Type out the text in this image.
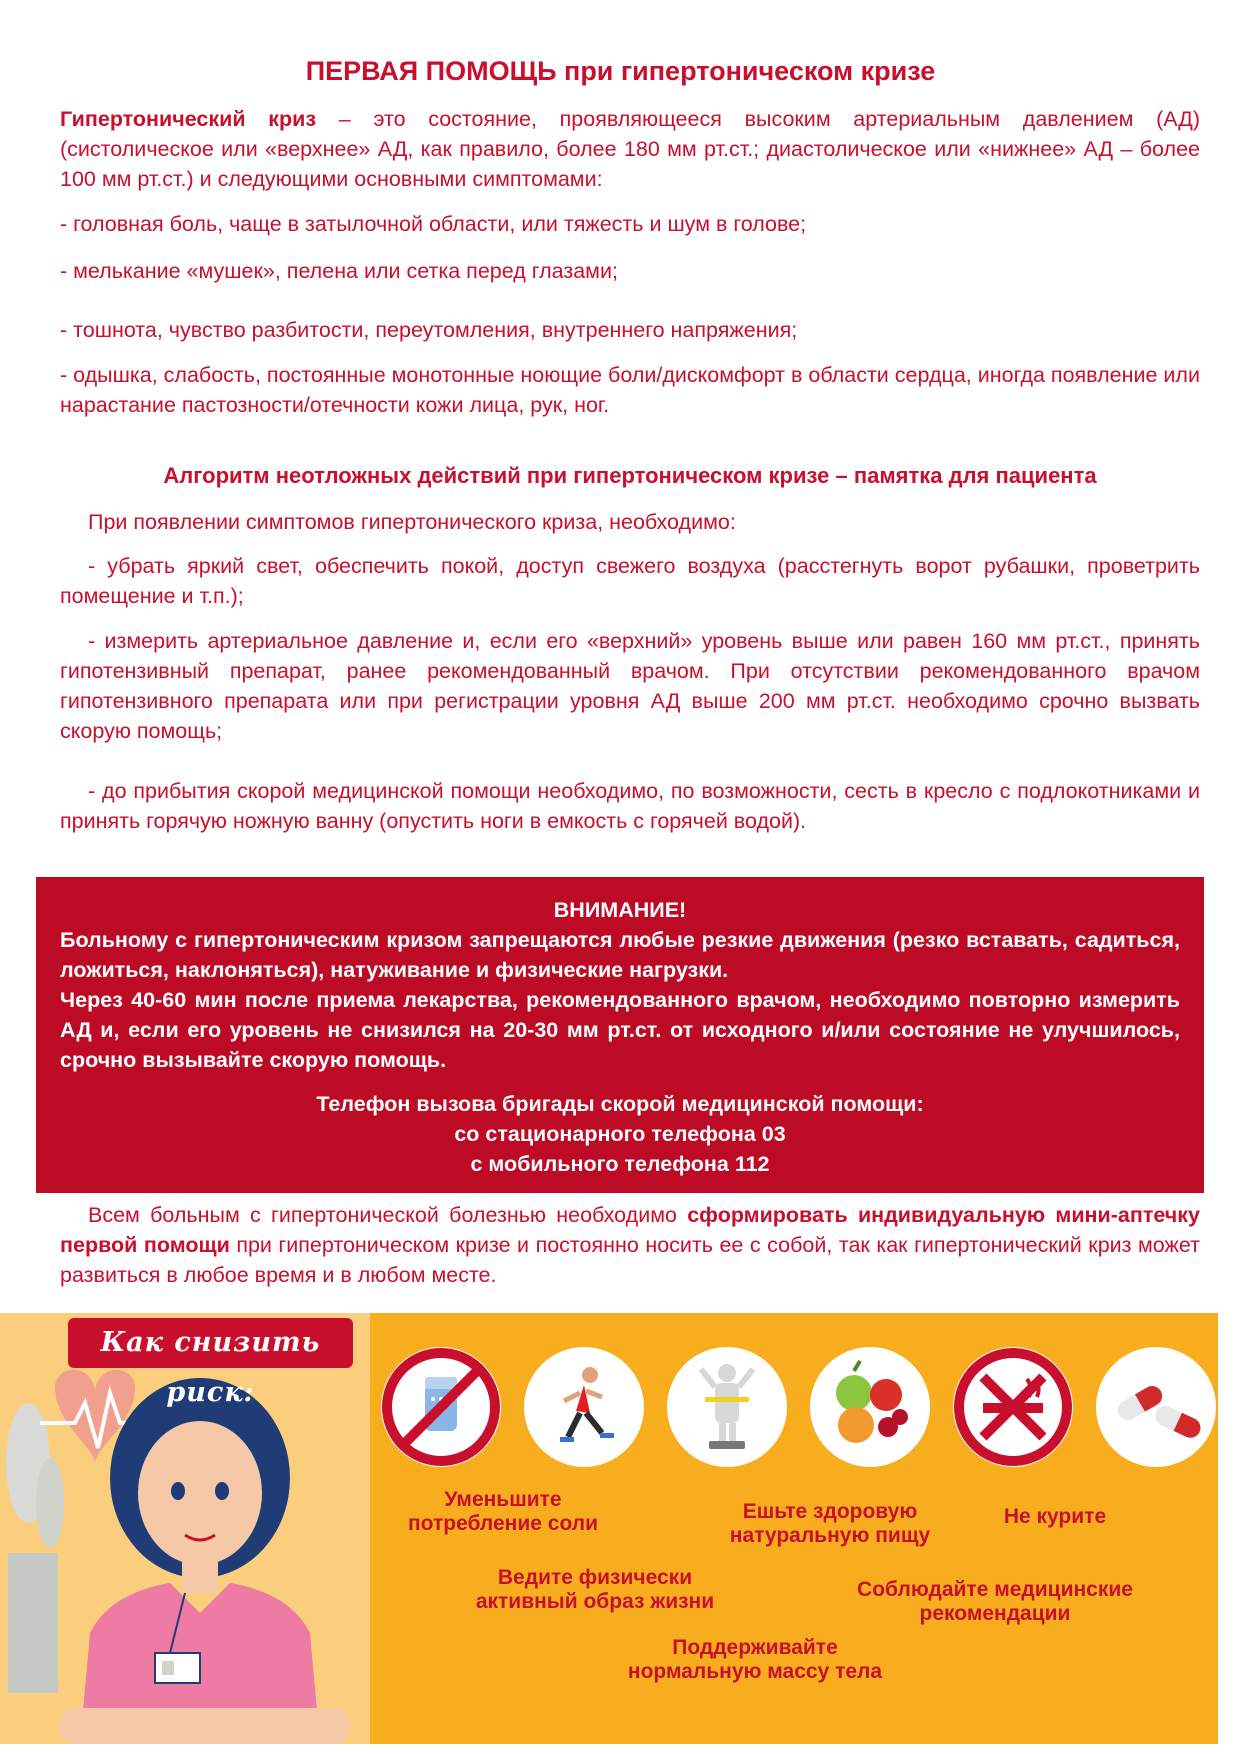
ПЕРВАЯ ПОМОЩЬ при гипертоническом кризе
Гипертонический криз – это состояние, проявляющееся высоким артериальным давлением (АД) (систолическое или «верхнее» АД, как правило, более 180 мм рт.ст.; диастолическое или «нижнее» АД – более 100 мм рт.ст.) и следующими основными симптомами:
- головная боль, чаще в затылочной области, или тяжесть и шум в голове;
- мелькание «мушек», пелена или сетка перед глазами;
- тошнота, чувство разбитости, переутомления, внутреннего напряжения;
- одышка, слабость, постоянные монотонные ноющие боли/дискомфорт в области сердца, иногда появление или нарастание пастозности/отечности кожи лица, рук, ног.
Алгоритм неотложных действий при гипертоническом кризе – памятка для пациента
При появлении симптомов гипертонического криза, необходимо:
- убрать яркий свет, обеспечить покой, доступ свежего воздуха (расстегнуть ворот рубашки, проветрить помещение и т.п.);
- измерить артериальное давление и, если его «верхний» уровень выше или равен 160 мм рт.ст., принять гипотензивный препарат, ранее рекомендованный врачом. При отсутствии рекомендованного врачом гипотензивного препарата или при регистрации уровня АД выше 200 мм рт.ст. необходимо срочно вызвать скорую помощь;
- до прибытия скорой медицинской помощи необходимо, по возможности, сесть в кресло с подлокотниками и принять горячую ножную ванну (опустить ноги в емкость с горячей водой).
ВНИМАНИЕ!
Больному с гипертоническим кризом запрещаются любые резкие движения (резко вставать, садиться, ложиться, наклоняться), натуживание и физические нагрузки.
Через 40-60 мин после приема лекарства, рекомендованного врачом, необходимо повторно измерить АД и, если его уровень не снизился на 20-30 мм рт.ст. от исходного и/или состояние не улучшилось, срочно вызывайте скорую помощь.
Телефон вызова бригады скорой медицинской помощи:
со стационарного телефона 03
с мобильного телефона 112
Всем больным с гипертонической болезнью необходимо сформировать индивидуальную мини-аптечку первой помощи при гипертоническом кризе и постоянно носить ее с собой, так как гипертонический криз может развиться в любое время и в любом месте.
Как снизить риск:
Уменьшите потребление соли
Ешьте здоровую натуральную пищу
Не курите
Ведите физически активный образ жизни
Соблюдайте медицинские рекомендации
Поддерживайте нормальную массу тела
